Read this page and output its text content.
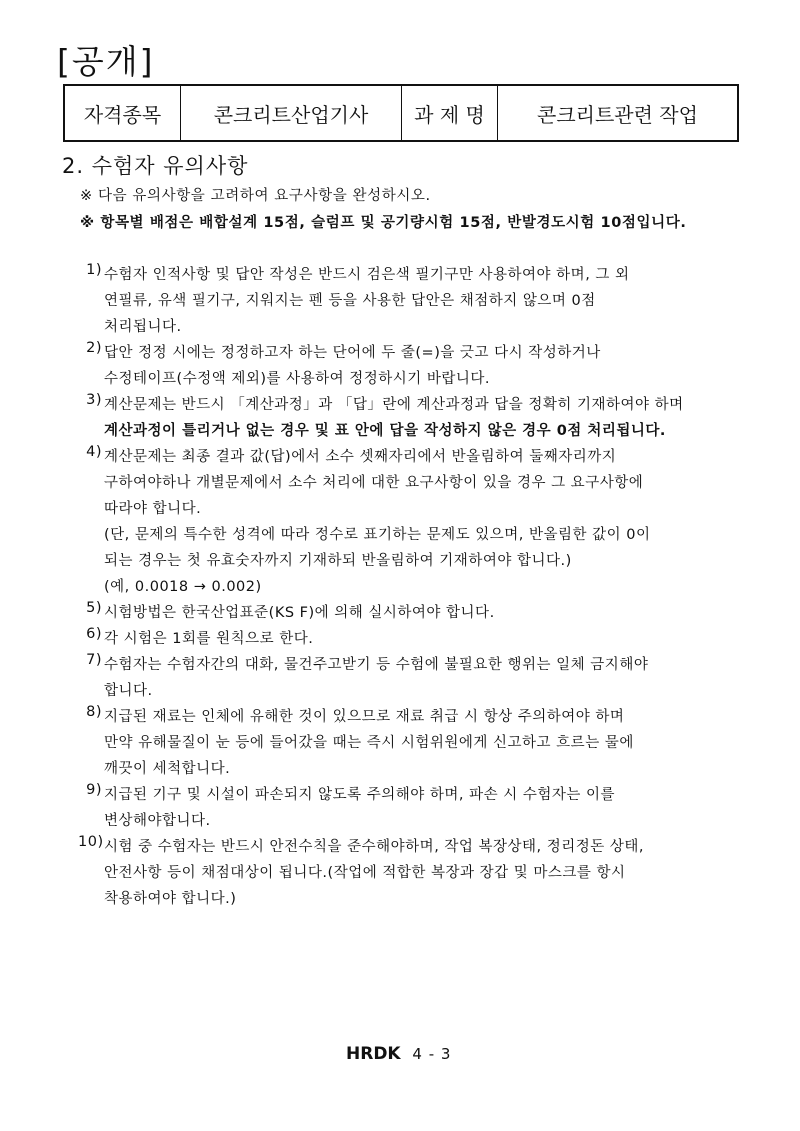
[공개]
자격종목	콘크리트산업기사	과 제 명	콘크리트관련 작업
2. 수험자 유의사항
※ 다음 유의사항을 고려하여 요구사항을 완성하시오.
※ 항목별 배점은 배합설계 15점, 슬럼프 및 공기량시험 15점, 반발경도시험 10점입니다.
1) 수험자 인적사항 및 답안 작성은 반드시 검은색 필기구만 사용하여야 하며, 그 외
연필류, 유색 필기구, 지워지는 펜 등을 사용한 답안은 채점하지 않으며 0점
처리됩니다.
2) 답안 정정 시에는 정정하고자 하는 단어에 두 줄(=)을 긋고 다시 작성하거나
수정테이프(수정액 제외)를 사용하여 정정하시기 바랍니다.
3) 계산문제는 반드시 「계산과정」과 「답」란에 계산과정과 답을 정확히 기재하여야 하며
계산과정이 틀리거나 없는 경우 및 표 안에 답을 작성하지 않은 경우 0점 처리됩니다.
4) 계산문제는 최종 결과 값(답)에서 소수 셋째자리에서 반올림하여 둘째자리까지
구하여야하나 개별문제에서 소수 처리에 대한 요구사항이 있을 경우 그 요구사항에
따라야 합니다.
(단, 문제의 특수한 성격에 따라 정수로 표기하는 문제도 있으며, 반올림한 값이 0이
되는 경우는 첫 유효숫자까지 기재하되 반올림하여 기재하여야 합니다.)
(예, 0.0018 → 0.002)
5) 시험방법은 한국산업표준(KS F)에 의해 실시하여야 합니다.
6) 각 시험은 1회를 원칙으로 한다.
7) 수험자는 수험자간의 대화, 물건주고받기 등 수험에 불필요한 행위는 일체 금지해야
합니다.
8) 지급된 재료는 인체에 유해한 것이 있으므로 재료 취급 시 항상 주의하여야 하며
만약 유해물질이 눈 등에 들어갔을 때는 즉시 시험위원에게 신고하고 흐르는 물에
깨끗이 세척합니다.
9) 지급된 기구 및 시설이 파손되지 않도록 주의해야 하며, 파손 시 수험자는 이를
변상해야합니다.
10) 시험 중 수험자는 반드시 안전수칙을 준수해야하며, 작업 복장상태, 정리정돈 상태,
안전사항 등이 채점대상이 됩니다.(작업에 적합한 복장과 장갑 및 마스크를 항시
착용하여야 합니다.)
HRDK 4 - 3
